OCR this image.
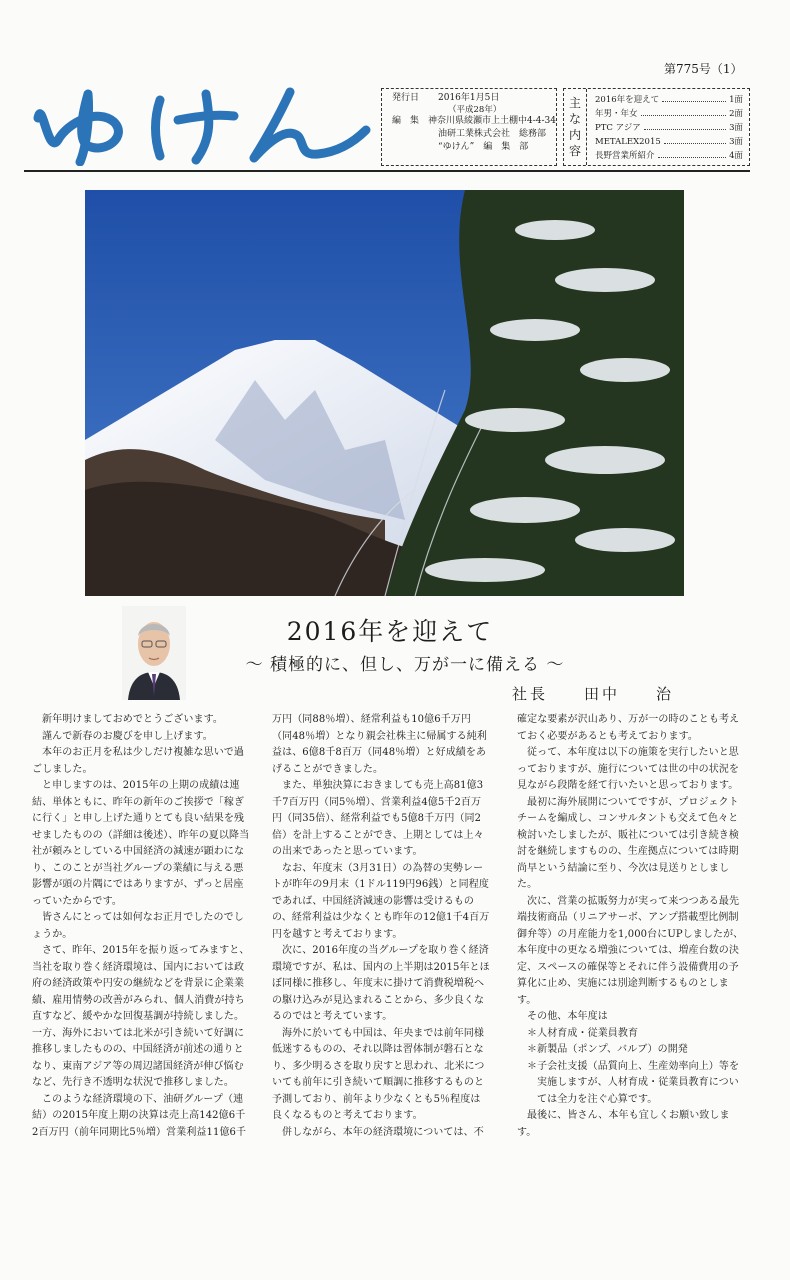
第775号（1）
発行日	2016年1月5日
（平成28年）
編　集 神奈川県綾瀬市上土棚中4-4-34
油研工業株式会社　総務部
“ゆけん”　編　集　部
主
な
内
容
2016年を迎えて	1面
年男・年女	2面
PTC アジア	3面
METALEX2015	3面
長野営業所紹介	4面
2016年を迎えて
〜 積極的に、但し、万が一に備える 〜
社長　　田中　　治

新年明けましておめでとうございます。

謹んで新春のお慶びを申し上げます。

本年のお正月を私は少しだけ複雑な思いで過ごしました。

と申しますのは、2015年の上期の成績は連結、単体ともに、昨年の新年のご挨拶で「稼ぎに行く」と申し上げた通りとても良い結果を残せましたものの（詳細は後述）、昨年の夏以降当社が頼みとしている中国経済の減速が顕わになり、このことが当社グループの業績に与える悪影響が頭の片隅にではありますが、ずっと居座っていたからです。

皆さんにとっては如何なお正月でしたのでしょうか。

さて、昨年、2015年を振り返ってみますと、当社を取り巻く経済環境は、国内においては政府の経済政策や円安の継続などを背景に企業業績、雇用情勢の改善がみられ、個人消費が持ち直すなど、緩やかな回復基調が持続しました。一方、海外においては北米が引き続いて好調に推移しましたものの、中国経済が前述の通りとなり、東南アジア等の周辺諸国経済が伸び悩むなど、先行き不透明な状況で推移しました。

このような経済環境の下、油研グループ（連結）の2015年度上期の決算は売上高142億6千2百万円（前年同期比5％増）営業利益11億6千

万円（同88％増）、経常利益も10億6千万円（同48％増）となり親会社株主に帰属する純利益は、6億8千8百万（同48％増）と好成績をあげることができました。

また、単独決算におきましても売上高81億3千7百万円（同5％増）、営業利益4億5千2百万円（同35倍）、経常利益でも5億8千万円（同2倍）を計上することができ、上期としては上々の出来であったと思っています。

なお、年度末（3月31日）の為替の実勢レートが昨年の9月末（1ドル119円96銭）と同程度であれば、中国経済減速の影響は受けるものの、経常利益は少なくとも昨年の12億1千4百万円を越すと考えております。

次に、2016年度の当グループを取り巻く経済環境ですが、私は、国内の上半期は2015年とほぼ同様に推移し、年度末に掛けて消費税増税への駆け込みが見込まれることから、多少良くなるのではと考えています。

海外に於いても中国は、年央までは前年同様低迷するものの、それ以降は習体制が磐石となり、多少明るさを取り戻すと思われ、北米についても前年に引き続いて順調に推移するものと予測しており、前年より少なくとも5％程度は良くなるものと考えております。

併しながら、本年の経済環境については、不

確定な要素が沢山あり、万が一の時のことも考えておく必要があるとも考えております。

従って、本年度は以下の施策を実行したいと思っておりますが、施行については世の中の状況を見ながら段階を経て行いたいと思っております。

最初に海外展開についてですが、プロジェクトチームを編成し、コンサルタントも交えて色々と検討いたしましたが、販社については引き続き検討を継続しますものの、生産拠点については時期尚早という結論に至り、今次は見送りとしました。

次に、営業の拡販努力が実って来つつある最先端技術商品（リニアサーボ、アンプ搭載型比例制御弁等）の月産能力を1,000台にUPしましたが、本年度中の更なる増強については、増産台数の決定、スペースの確保等とそれに伴う設備費用の予算化に止め、実施には別途判断するものとします。

その他、本年度は

＊人材育成・従業員教育

＊新製品（ポンプ、バルブ）の開発

＊子会社支援（品質向上、生産効率向上）等を実施しますが、人材育成・従業員教育については全力を注ぐ心算です。

最後に、皆さん、本年も宜しくお願い致します。
